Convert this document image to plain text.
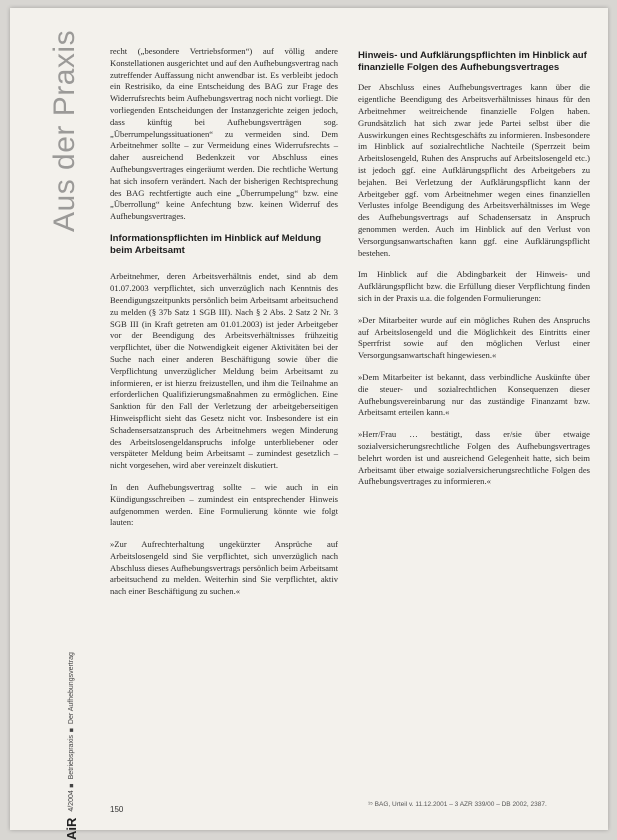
Aus der Praxis
AiR 4/2004 ■ Betriebspraxis ■ Der Aufhebungsvertrag

recht („besondere Vertriebsformen“) auf völlig andere Konstellationen ausgerichtet und auf den Aufhebungsvertrag nach zutreffender Auffassung nicht anwendbar ist. Es verbleibt jedoch ein Restrisiko, da eine Entscheidung des BAG zur Frage des Widerrufsrechts beim Aufhebungsvertrag noch nicht vorliegt. Die vorliegenden Entscheidungen der Instanzgerichte zeigen jedoch, dass künftig bei Aufhebungsverträgen sog. „Überrumpelungssituationen“ zu vermeiden sind. Dem Arbeitnehmer sollte – zur Vermeidung eines Widerrufsrechts – daher ausreichend Bedenkzeit vor Abschluss eines Aufhebungsvertrages eingeräumt werden. Die rechtliche Wertung hat sich insofern verändert. Nach der bisherigen Rechtsprechung des BAG rechtfertigte auch eine „Überrumpelung“ bzw. eine „Überrollung“ keine Anfechtung bzw. keinen Widerruf des Aufhebungsvertrages.

Informationspflichten im Hinblick auf Meldung beim Arbeitsamt

Arbeitnehmer, deren Arbeitsverhältnis endet, sind ab dem 01.07.2003 verpflichtet, sich unverzüglich nach Kenntnis des Beendigungszeitpunkts persönlich beim Arbeitsamt arbeitsuchend zu melden (§ 37b Satz 1 SGB III). Nach § 2 Abs. 2 Satz 2 Nr. 3 SGB III (in Kraft getreten am 01.01.2003) ist jeder Arbeitgeber vor der Beendigung des Arbeitsverhältnisses frühzeitig verpflichtet, über die Notwendigkeit eigener Aktivitäten bei der Suche nach einer anderen Beschäftigung sowie über die Verpflichtung unverzüglicher Meldung beim Arbeitsamt zu informieren, er ist hierzu freizustellen, und ihm die Teilnahme an erforderlichen Qualifizierungsmaßnahmen zu ermöglichen. Eine Sanktion für den Fall der Verletzung der arbeitgeberseitigen Hinweispflicht sieht das Gesetz nicht vor. Insbesondere ist ein Schadensersatzanspruch des Arbeitnehmers wegen Minderung des Arbeitslosengeldanspruchs infolge unterbliebener oder verspäteter Meldung beim Arbeitsamt – zumindest gesetzlich – nicht vorgesehen, wird aber vereinzelt diskutiert.

In den Aufhebungsvertrag sollte – wie auch in ein Kündigungsschreiben – zumindest ein entsprechender Hinweis aufgenommen werden. Eine Formulierung könnte wie folgt lauten:

»Zur Aufrechterhaltung ungekürzter Ansprüche auf Arbeitslosengeld sind Sie verpflichtet, sich unverzüglich nach Abschluss dieses Aufhebungsvertrags persönlich beim Arbeitsamt arbeitsuchend zu melden. Weiterhin sind Sie verpflichtet, aktiv nach einer Beschäftigung zu suchen.«

Hinweis- und Aufklärungspflichten im Hinblick auf finanzielle Folgen des Aufhebungsvertrages

Der Abschluss eines Aufhebungsvertrages kann über die eigentliche Beendigung des Arbeitsverhältnisses hinaus für den Arbeitnehmer weitreichende finanzielle Folgen haben. Grundsätzlich hat sich zwar jede Partei selbst über die Auswirkungen eines Rechtsgeschäfts zu informieren. Insbesondere im Hinblick auf sozialrechtliche Nachteile (Sperrzeit beim Arbeitslosengeld, Ruhen des Anspruchs auf Arbeitslosengeld etc.) ist jedoch ggf. eine Aufklärungspflicht des Arbeitgebers zu bejahen. Bei Verletzung der Aufklärungspflicht kann der Arbeitgeber ggf. vom Arbeitnehmer wegen eines finanziellen Verlustes infolge Beendigung des Arbeitsverhältnisses im Wege des Aufhebungsvertrags auf Schadensersatz in Anspruch genommen werden. Auch im Hinblick auf den Verlust von Versorgungsanwartschaften kann ggf. eine Aufklärungspflicht bestehen.

Im Hinblick auf die Abdingbarkeit der Hinweis- und Aufklärungspflicht bzw. die Erfüllung dieser Verpflichtung finden sich in der Praxis u.a. die folgenden Formulierungen:

»Der Mitarbeiter wurde auf ein mögliches Ruhen des Anspruchs auf Arbeitslosengeld und die Möglichkeit des Eintritts einer Sperrfrist sowie auf den möglichen Verlust einer Versorgungsanwartschaft hingewiesen.«

»Dem Mitarbeiter ist bekannt, dass verbindliche Auskünfte über die steuer- und sozialrechtlichen Konsequenzen dieser Aufhebungsvereinbarung nur das zuständige Finanzamt bzw. Arbeitsamt erteilen kann.«

»Herr/Frau … bestätigt, dass er/sie über etwaige sozialversicherungsrechtliche Folgen des Aufhebungsvertrages belehrt worden ist und ausreichend Gelegenheit hatte, sich beim Arbeitsamt über etwaige sozialversicherungsrechtliche Folgen des Aufhebungsvertrages zu informieren.«

¹⁵ BAG, Urteil v. 11.12.2001 – 3 AZR 339/00 – DB 2002, 2387.
150
